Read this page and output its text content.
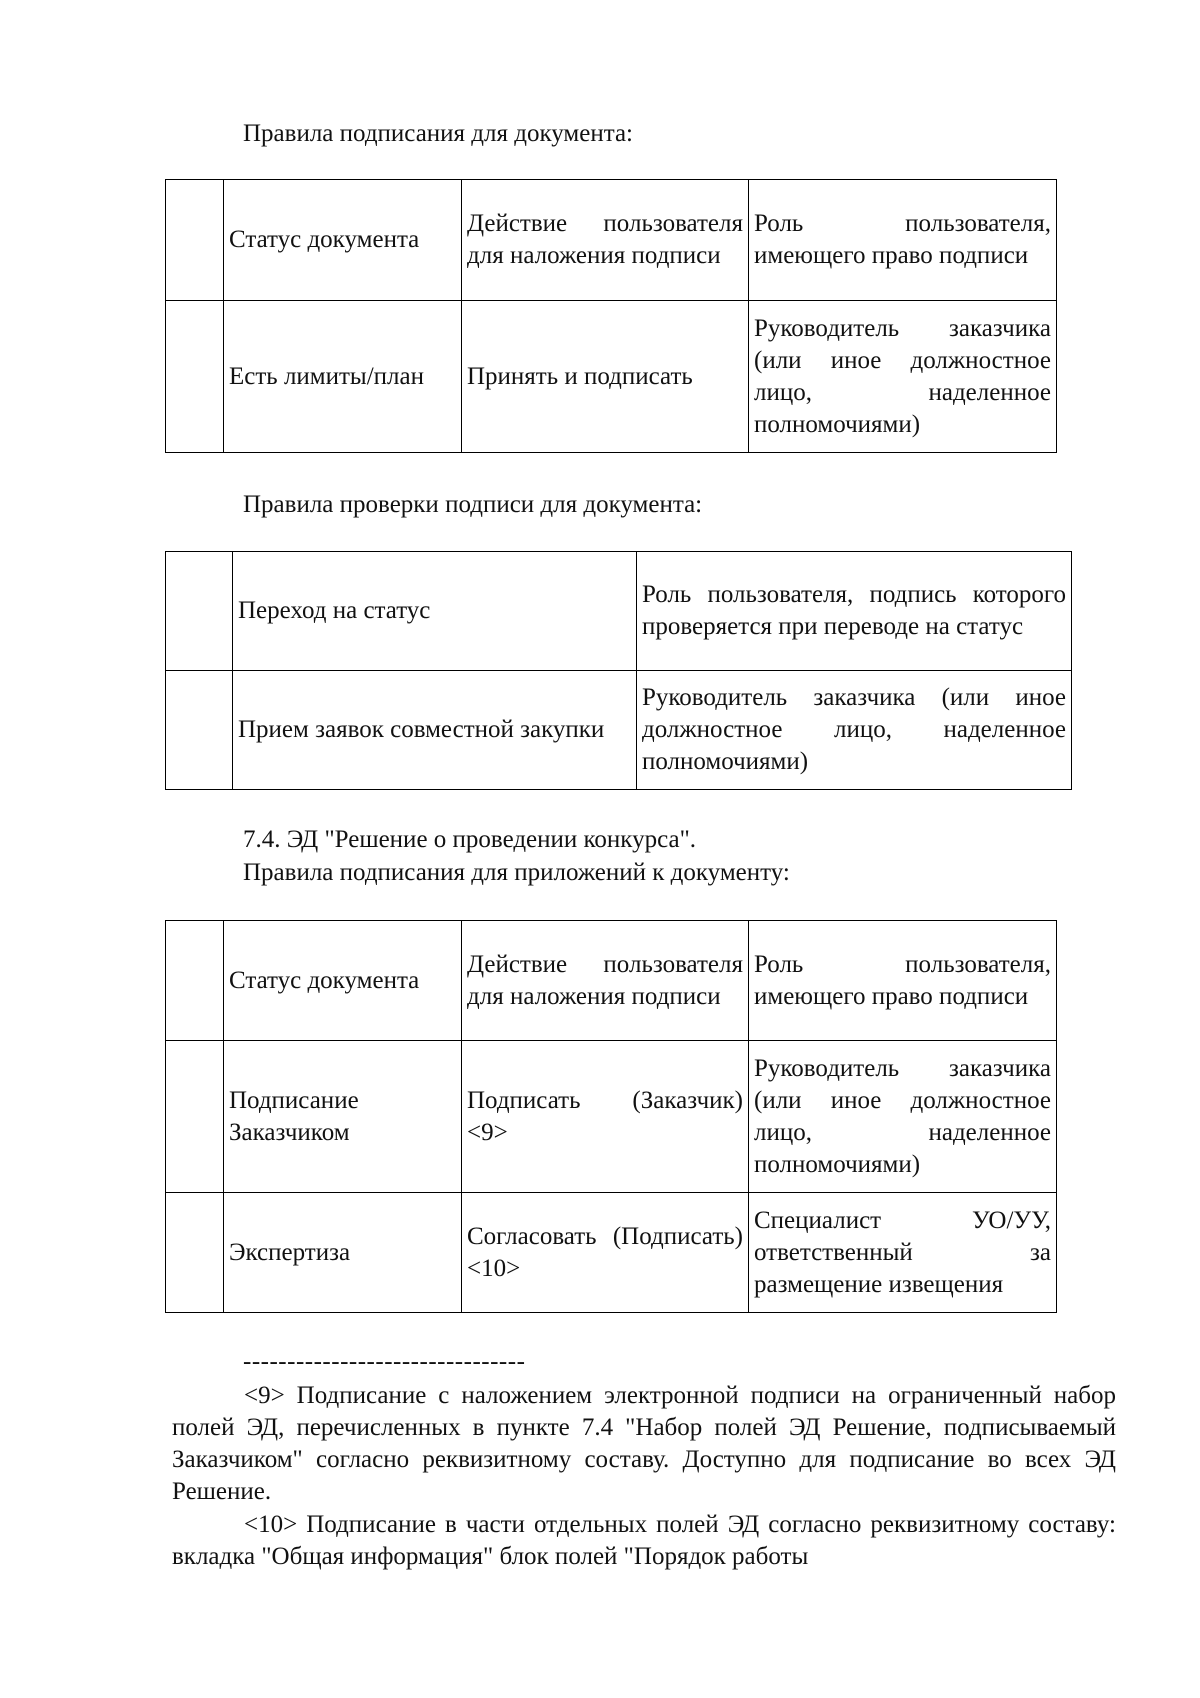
Правила подписания для документа:
	Статус документа	Действие пользователя для наложения подписи	Роль пользователя, имеющего право подписи
	Есть лимиты/план	Принять и подписать	Руководитель заказчика (или иное должностное лицо, наделенное полномочиями)
Правила проверки подписи для документа:
	Переход на статус	Роль пользователя, подпись которого проверяется при переводе на статус
	Прием заявок совместной закупки	Руководитель заказчика (или иное должностное лицо, наделенное полномочиями)
7.4. ЭД "Решение о проведении конкурса".
Правила подписания для приложений к документу:
	Статус документа	Действие пользователя для наложения подписи	Роль пользователя, имеющего право подписи
	Подписание Заказчиком	Подписать (Заказчик) <9>	Руководитель заказчика (или иное должностное лицо, наделенное полномочиями)
	Экспертиза	Согласовать (Подписать) <10>	Специалист УО/УУ, ответственный за размещение извещения
--------------------------------
<9> Подписание с наложением электронной подписи на ограниченный набор полей ЭД, перечисленных в пункте 7.4 "Набор полей ЭД Решение, подписываемый Заказчиком" согласно реквизитному составу. Доступно для подписание во всех ЭД Решение.
<10> Подписание в части отдельных полей ЭД согласно реквизитному составу: вкладка "Общая информация" блок полей "Порядок работы
